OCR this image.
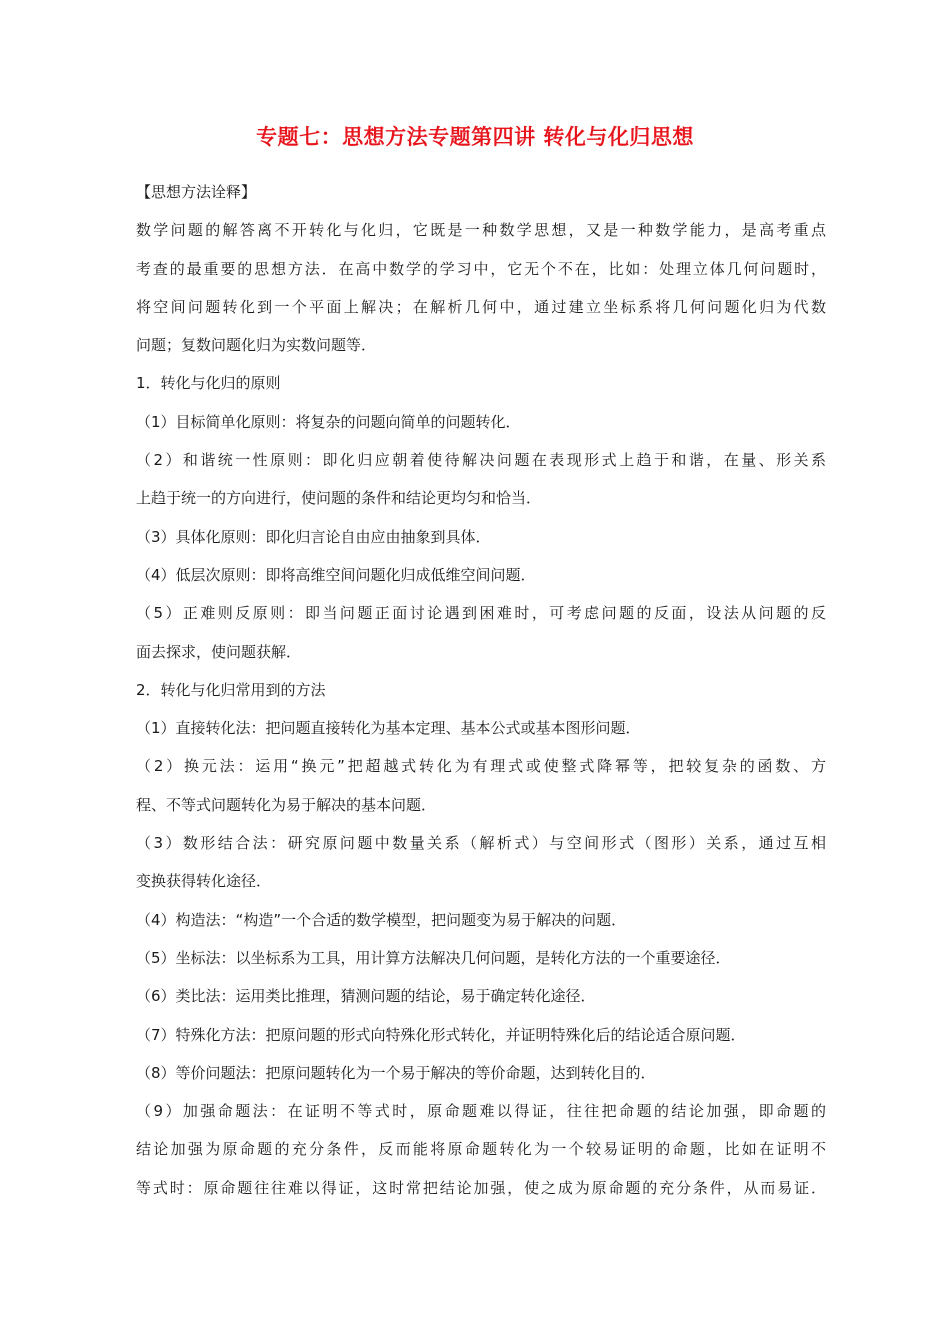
专题七：思想方法专题第四讲 转化与化归思想
【思想方法诠释】
数学问题的解答离不开转化与化归，它既是一种数学思想，又是一种数学能力，是高考重点
考查的最重要的思想方法．在高中数学的学习中，它无个不在，比如：处理立体几何问题时，
将空间问题转化到一个平面上解决；在解析几何中，通过建立坐标系将几何问题化归为代数
问题；复数问题化归为实数问题等．
1．转化与化归的原则
（1）目标简单化原则：将复杂的问题向简单的问题转化．
（2）和谐统一性原则：即化归应朝着使待解决问题在表现形式上趋于和谐，在量、形关系
上趋于统一的方向进行，使问题的条件和结论更均匀和恰当．
（3）具体化原则：即化归言论自由应由抽象到具体．
（4）低层次原则：即将高维空间问题化归成低维空间问题．
（5）正难则反原则：即当问题正面讨论遇到困难时，可考虑问题的反面，设法从问题的反
面去探求，使问题获解．
2．转化与化归常用到的方法
（1）直接转化法：把问题直接转化为基本定理、基本公式或基本图形问题．
（2）换元法：运用“换元”把超越式转化为有理式或使整式降幂等，把较复杂的函数、方
程、不等式问题转化为易于解决的基本问题．
（3）数形结合法：研究原问题中数量关系（解析式）与空间形式（图形）关系，通过互相
变换获得转化途径．
（4）构造法：“构造”一个合适的数学模型，把问题变为易于解决的问题．
（5）坐标法：以坐标系为工具，用计算方法解决几何问题，是转化方法的一个重要途径．
（6）类比法：运用类比推理，猜测问题的结论，易于确定转化途径．
（7）特殊化方法：把原问题的形式向特殊化形式转化，并证明特殊化后的结论适合原问题．
（8）等价问题法：把原问题转化为一个易于解决的等价命题，达到转化目的．
（9）加强命题法：在证明不等式时，原命题难以得证，往往把命题的结论加强，即命题的
结论加强为原命题的充分条件，反而能将原命题转化为一个较易证明的命题，比如在证明不
等式时：原命题往往难以得证，这时常把结论加强，使之成为原命题的充分条件，从而易证．
